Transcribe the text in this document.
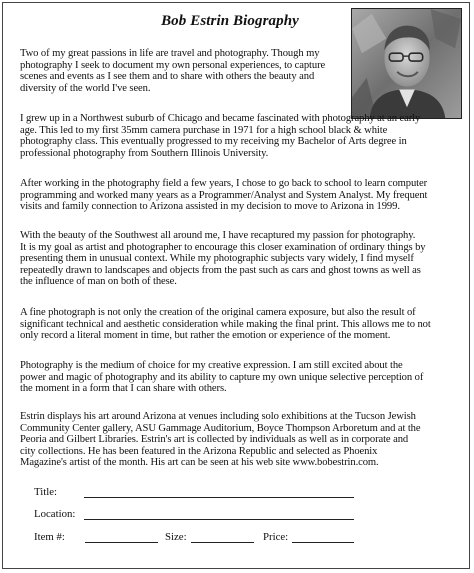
Bob Estrin Biography
Two of my great passions in life are travel and photography. Though my
photography I seek to document my own personal experiences, to capture
scenes and events as I see them and to share with others the beauty and
diversity of the world I've seen.
I grew up in a Northwest suburb of Chicago and became fascinated with photography at an early
age. This led to my first 35mm camera purchase in 1971 for a high school black & white
photography class. This eventually progressed to my receiving my Bachelor of Arts degree in
professional photography from Southern Illinois University.
After working in the photography field a few years, I chose to go back to school to learn computer
programming and worked many years as a Programmer/Analyst and System Analyst. My frequent
visits and family connection to Arizona assisted in my decision to move to Arizona in 1999.
With the beauty of the Southwest all around me, I have recaptured my passion for photography.
It is my goal as artist and photographer to encourage this closer examination of ordinary things by
presenting them in unusual context. While my photographic subjects vary widely, I find myself
repeatedly drawn to landscapes and objects from the past such as cars and ghost towns as well as
the influence of man on both of these.
A fine photograph is not only the creation of the original camera exposure, but also the result of
significant technical and aesthetic consideration while making the final print. This allows me to not
only record a literal moment in time, but rather the emotion or experience of the moment.
Photography is the medium of choice for my creative expression. I am still excited about the
power and magic of photography and its ability to capture my own unique selective perception of
the moment in a form that I can share with others.
Estrin displays his art around Arizona at venues including solo exhibitions at the Tucson Jewish
Community Center gallery, ASU Gammage Auditorium, Boyce Thompson Arboretum and at the
Peoria and Gilbert Libraries. Estrin's art is collected by individuals as well as in corporate and
city collections. He has been featured in the Arizona Republic and selected as Phoenix
Magazine's artist of the month. His art can be seen at his web site www.bobestrin.com.
Title:
Location:
Item #:	Size:	Price:
